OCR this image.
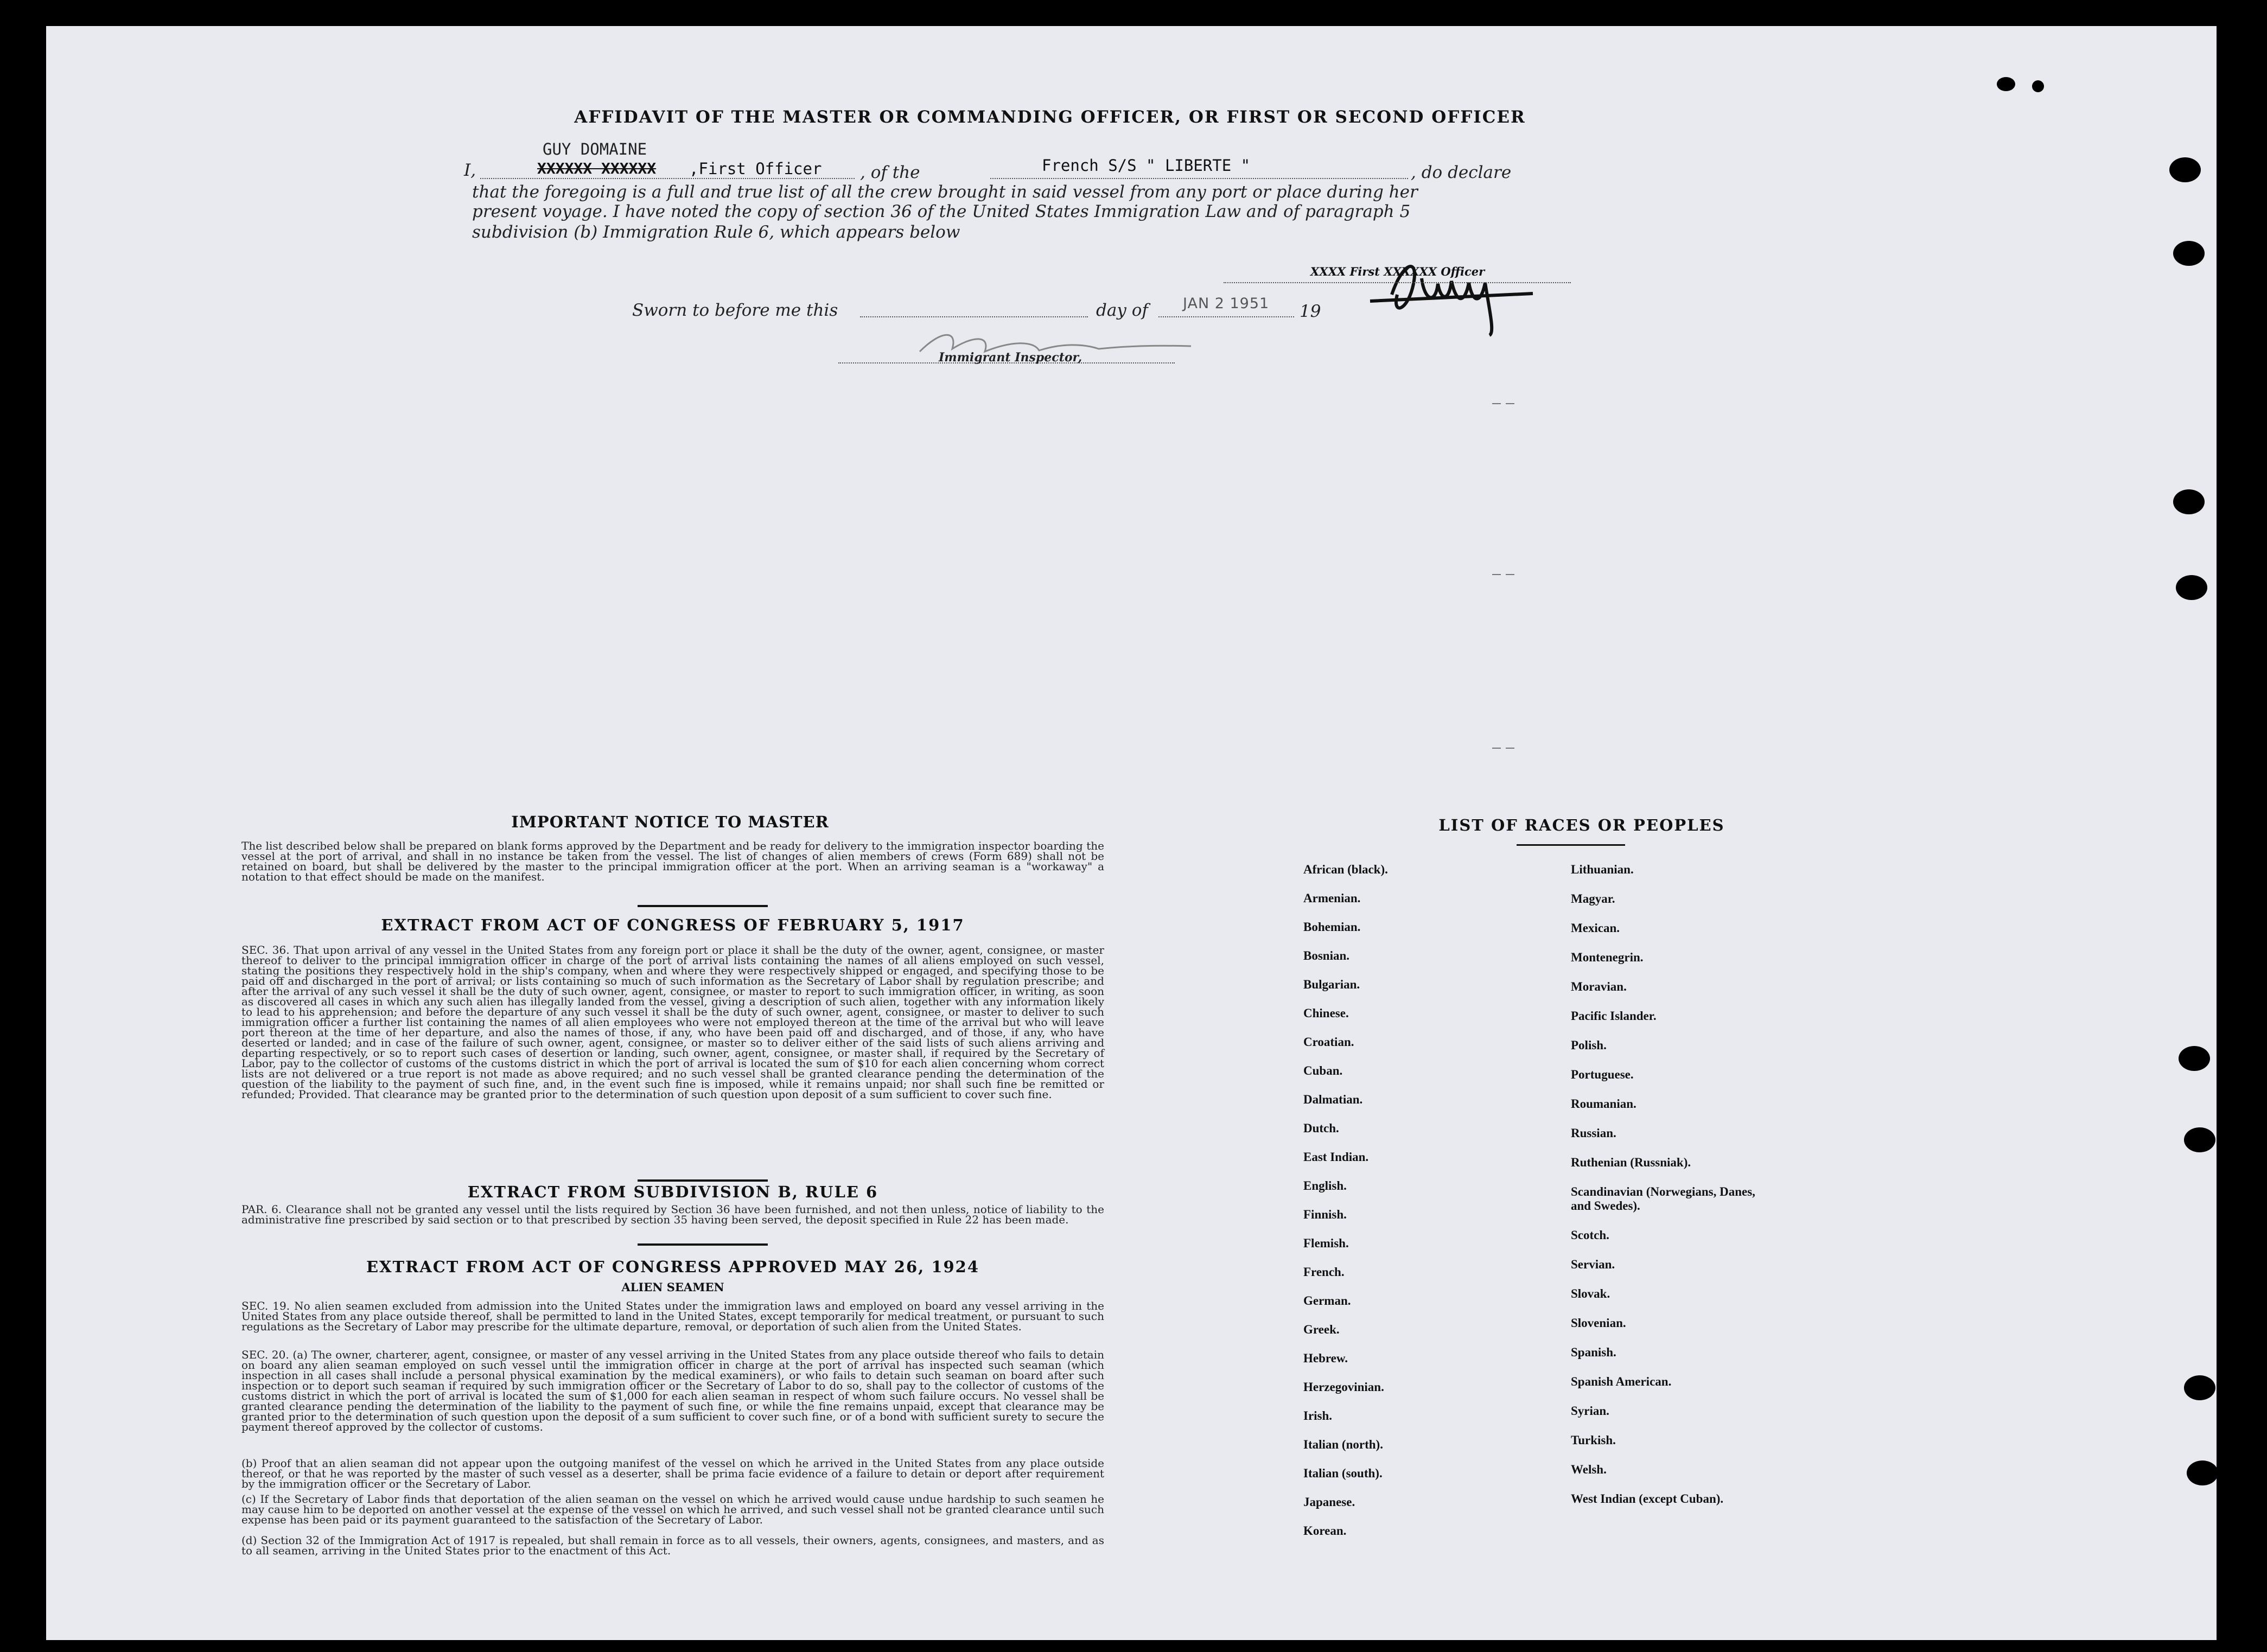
AFFIDAVIT OF THE MASTER OR COMMANDING OFFICER, OR FIRST OR SECOND OFFICER
GUY DOMAINE
I,	XXXXXX XXXXXX ,First Officer , of the	French S/S " LIBERTE "	, do declare
that the foregoing is a full and true list of all the crew brought in said vessel from any port or place during her
present voyage. I have noted the copy of section 36 of the United States Immigration Law and of paragraph 5
subdivision (b) Immigration Rule 6, which appears below
XXXX First XXXXXX Officer
Sworn to before me this	day of JAN 2 1951 19
Immigrant Inspector,
IMPORTANT NOTICE TO MASTER
The list described below shall be prepared on blank forms approved by the Department and be ready for delivery to the immigration inspector boarding the vessel at the port of arrival, and shall in no instance be taken from the vessel. The list of changes of alien members of crews (Form 689) shall not be retained on board, but shall be delivered by the master to the principal immigration officer at the port. When an arriving seaman is a "workaway" a notation to that effect should be made on the manifest.
EXTRACT FROM ACT OF CONGRESS OF FEBRUARY 5, 1917
SEC. 36. That upon arrival of any vessel in the United States from any foreign port or place it shall be the duty of the owner, agent, consignee, or master thereof to deliver to the principal immigration officer in charge of the port of arrival lists containing the names of all aliens employed on such vessel, stating the positions they respectively hold in the ship's company, when and where they were respectively shipped or engaged, and specifying those to be paid off and discharged in the port of arrival; or lists containing so much of such information as the Secretary of Labor shall by regulation prescribe; and after the arrival of any such vessel it shall be the duty of such owner, agent, consignee, or master to report to such immigration officer, in writing, as soon as discovered all cases in which any such alien has illegally landed from the vessel, giving a description of such alien, together with any information likely to lead to his apprehension; and before the departure of any such vessel it shall be the duty of such owner, agent, consignee, or master to deliver to such immigration officer a further list containing the names of all alien employees who were not employed thereon at the time of the arrival but who will leave port thereon at the time of her departure, and also the names of those, if any, who have been paid off and discharged, and of those, if any, who have deserted or landed; and in case of the failure of such owner, agent, consignee, or master so to deliver either of the said lists of such aliens arriving and departing respectively, or so to report such cases of desertion or landing, such owner, agent, consignee, or master shall, if required by the Secretary of Labor, pay to the collector of customs of the customs district in which the port of arrival is located the sum of $10 for each alien concerning whom correct lists are not delivered or a true report is not made as above required; and no such vessel shall be granted clearance pending the determination of the question of the liability to the payment of such fine, and, in the event such fine is imposed, while it remains unpaid; nor shall such fine be remitted or refunded; Provided. That clearance may be granted prior to the determination of such question upon deposit of a sum sufficient to cover such fine.
EXTRACT FROM SUBDIVISION B, RULE 6
PAR. 6. Clearance shall not be granted any vessel until the lists required by Section 36 have been furnished, and not then unless, notice of liability to the administrative fine prescribed by said section or to that prescribed by section 35 having been served, the deposit specified in Rule 22 has been made.
EXTRACT FROM ACT OF CONGRESS APPROVED MAY 26, 1924
ALIEN SEAMEN
SEC. 19. No alien seamen excluded from admission into the United States under the immigration laws and employed on board any vessel arriving in the United States from any place outside thereof, shall be permitted to land in the United States, except temporarily for medical treatment, or pursuant to such regulations as the Secretary of Labor may prescribe for the ultimate departure, removal, or deportation of such alien from the United States.
SEC. 20. (a) The owner, charterer, agent, consignee, or master of any vessel arriving in the United States from any place outside thereof who fails to detain on board any alien seaman employed on such vessel until the immigration officer in charge at the port of arrival has inspected such seaman (which inspection in all cases shall include a personal physical examination by the medical examiners), or who fails to detain such seaman on board after such inspection or to deport such seaman if required by such immigration officer or the Secretary of Labor to do so, shall pay to the collector of customs of the customs district in which the port of arrival is located the sum of $1,000 for each alien seaman in respect of whom such failure occurs. No vessel shall be granted clearance pending the determination of the liability to the payment of such fine, or while the fine remains unpaid, except that clearance may be granted prior to the determination of such question upon the deposit of a sum sufficient to cover such fine, or of a bond with sufficient surety to secure the payment thereof approved by the collector of customs.
(b) Proof that an alien seaman did not appear upon the outgoing manifest of the vessel on which he arrived in the United States from any place outside thereof, or that he was reported by the master of such vessel as a deserter, shall be prima facie evidence of a failure to detain or deport after requirement by the immigration officer or the Secretary of Labor.
(c) If the Secretary of Labor finds that deportation of the alien seaman on the vessel on which he arrived would cause undue hardship to such seamen he may cause him to be deported on another vessel at the expense of the vessel on which he arrived, and such vessel shall not be granted clearance until such expense has been paid or its payment guaranteed to the satisfaction of the Secretary of Labor.
(d) Section 32 of the Immigration Act of 1917 is repealed, but shall remain in force as to all vessels, their owners, agents, consignees, and masters, and as to all seamen, arriving in the United States prior to the enactment of this Act.
LIST OF RACES OR PEOPLES
African (black).
Armenian.
Bohemian.
Bosnian.
Bulgarian.
Chinese.
Croatian.
Cuban.
Dalmatian.
Dutch.
East Indian.
English.
Finnish.
Flemish.
French.
German.
Greek.
Hebrew.
Herzegovinian.
Irish.
Italian (north).
Italian (south).
Japanese.
Korean.
Lithuanian.
Magyar.
Mexican.
Montenegrin.
Moravian.
Pacific Islander.
Polish.
Portuguese.
Roumanian.
Russian.
Ruthenian (Russniak).
Scandinavian (Norwegians, Danes, and Swedes).
Scotch.
Servian.
Slovak.
Slovenian.
Spanish.
Spanish American.
Syrian.
Turkish.
Welsh.
West Indian (except Cuban).
